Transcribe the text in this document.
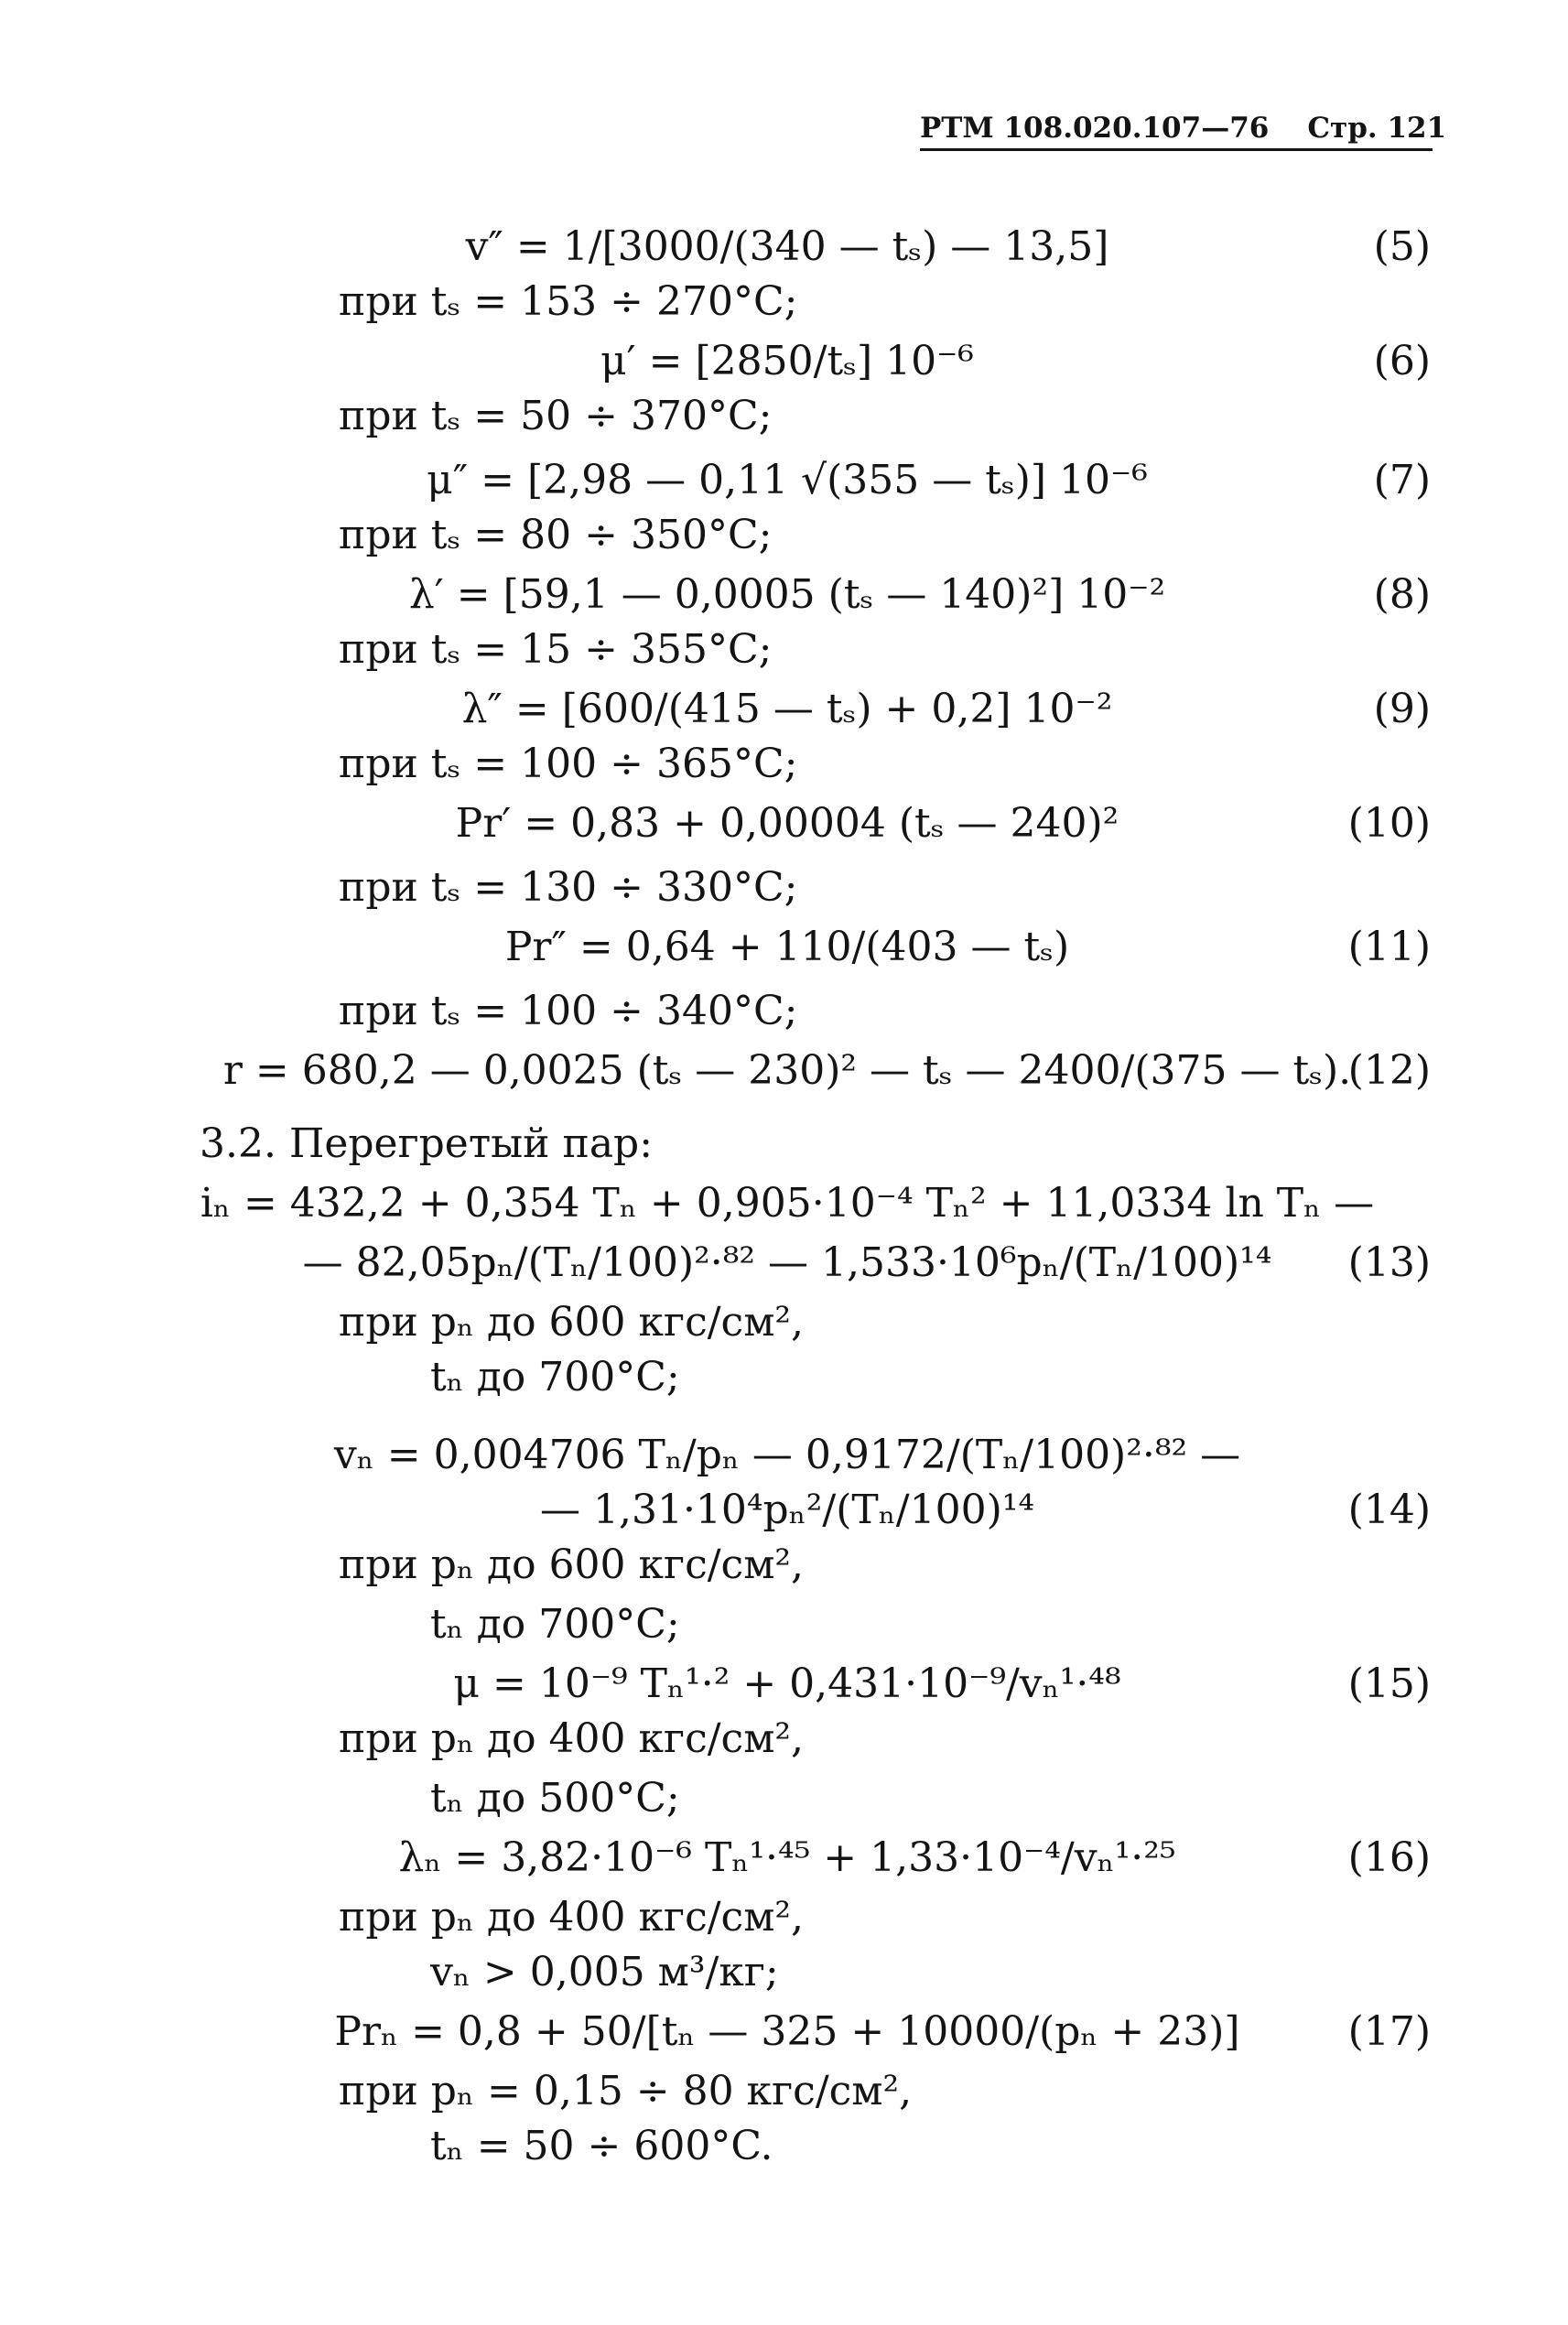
РТМ 108.020.107—76 Стр. 121
v″ = 1/[3000/(340 — tₛ) — 13,5]	(5)
при tₛ = 153 ÷ 270°C;
μ′ = [2850/tₛ] 10⁻⁶	(6)
при tₛ = 50 ÷ 370°C;
μ″ = [2,98 — 0,11 √(355 — tₛ)] 10⁻⁶	(7)
при tₛ = 80 ÷ 350°C;
λ′ = [59,1 — 0,0005 (tₛ — 140)²] 10⁻²	(8)
при tₛ = 15 ÷ 355°C;
λ″ = [600/(415 — tₛ) + 0,2] 10⁻²	(9)
при tₛ = 100 ÷ 365°C;
Pr′ = 0,83 + 0,00004 (tₛ — 240)²	(10)
при tₛ = 130 ÷ 330°C;
Pr″ = 0,64 + 110/(403 — tₛ)	(11)
при tₛ = 100 ÷ 340°C;
r = 680,2 — 0,0025 (tₛ — 230)² — tₛ — 2400/(375 — tₛ).
(12)
3.2. Перегретый пар:
iₙ = 432,2 + 0,354 Tₙ + 0,905·10⁻⁴ Tₙ² + 11,0334 ln Tₙ —
— 82,05pₙ/(Tₙ/100)²·⁸² — 1,533·10⁶pₙ/(Tₙ/100)¹⁴	(13)
при pₙ до 600 кгс/см²,
tₙ до 700°C;
vₙ = 0,004706 Tₙ/pₙ — 0,9172/(Tₙ/100)²·⁸² —
— 1,31·10⁴pₙ²/(Tₙ/100)¹⁴	(14)
при pₙ до 600 кгс/см²,
tₙ до 700°C;
μ = 10⁻⁹ Tₙ¹·² + 0,431·10⁻⁹/vₙ¹·⁴⁸	(15)
при pₙ до 400 кгс/см²,
tₙ до 500°C;
λₙ = 3,82·10⁻⁶ Tₙ¹·⁴⁵ + 1,33·10⁻⁴/vₙ¹·²⁵	(16)
при pₙ до 400 кгс/см²,
vₙ > 0,005 м³/кг;
Prₙ = 0,8 + 50/[tₙ — 325 + 10000/(pₙ + 23)]	(17)
при pₙ = 0,15 ÷ 80 кгс/см²,
tₙ = 50 ÷ 600°C.
